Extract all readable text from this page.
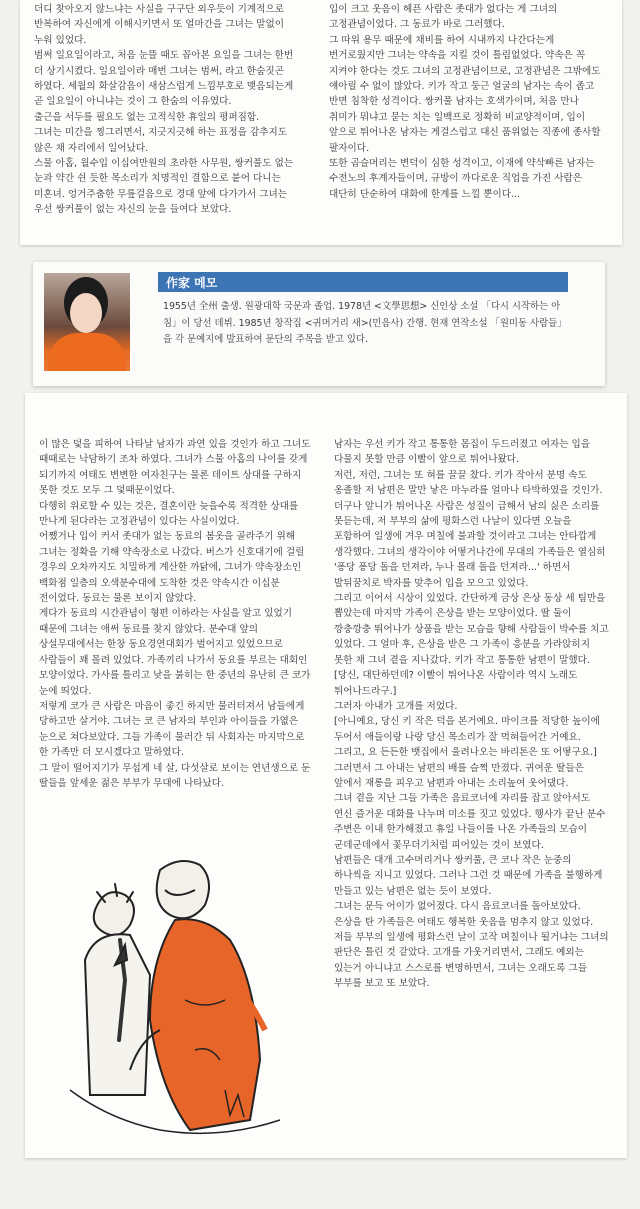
더디 찾아오지 않느냐는 사실을 구구단 외우듯이 기계적으로 반복하여 자신에게 이해시키면서 또 얼마간을 그녀는 말없이 누워 있었다.

범써 일요일이라고, 처음 눈뜰 때도 꼽아본 요일을 그녀는 한번 더 상기시켰다. 일요일이라 매번 그녀는 범써, 라고 한숨짓곤 하였다. 세월의 화살감음이 새삼스럽게 느낌부호로 맺음되는게 곧 일요일이 아니냐는 것이 그 한숨의 이유였다.

출근을 서두를 필요도 없는 고적식한 휴일의 평퍼짐함.

그녀는 미간을 찡그리면서, 지긋지긋해 하는 표정을 감추지도 않은 채 자리에서 일어났다.

스물 아홉, 월수입 이십여만원의 초라한 사무원, 쌍커풀도 없는 눈과 약간 쉰 듯한 목소리가 치명적인 결함으로 붙어 다니는 미혼녀. 엉거주춤한 무릎걸음으로 경대 앞에 다가가서 그녀는 우선 쌍커풀이 없는 자신의 눈을 들여다 보았다.

입이 크고 웃음이 헤픈 사람은 좃대가 없다는 게 그녀의 고정관념이었다. 그 동료가 바로 그러했다.

그 따위 용무 때문에 채비를 하여 시내까지 나간다는게 번거로웠지만 그녀는 약속을 지킬 것이 틀림없었다. 약속은 꼭 지켜야 한다는 것도 그녀의 고정관념이므로, 고정관념은 그밖에도 얘아릴 수 없이 많았다. 키가 작고 둥근 얼굴의 남자는 속이 좁고 반면 침착한 성격이다. 쌍커풀 남자는 호색가이며, 처음 만나 취미가 뭐냐고 묻는 치는 일백프로 정확히 비교양적이며, 입이 앞으로 튀어나온 남자는 게걸스럽고 대신 품위없는 직종에 종사할 팔자이다.

또한 곱슬머리는 변덕이 심한 성격이고, 이재에 약삭빠른 남자는 수전노의 후계자들이며, 규방이 까다로운 직업을 가진 사람은 대단히 단순하여 대화에 한계를 느낄 뿐이다...

作家 메모
1955년 全州 출생. 원광대학 국문과 졸업. 1978년 <文學思想> 신인상 소설 「다시 시작하는 아침」이 당선 데뷔. 1985년 창작집 <귀머거리 새>(민음사) 간행. 현재 연작소설 「원미동 사람들」을 각 문예지에 발표하여 문단의 주목을 받고 있다.

이 많은 덫을 피하여 나타날 남자가 과연 있을 것인가 하고 그녀도 때때로는 낙담하기 조차 하였다. 그녀가 스물 아홉의 나이를 갖게 되기까지 여태도 변변한 여자친구는 물론 데이트 상대를 구하지 못한 것도 모두 그 덫때문이었다.

다행히 위로할 수 있는 것은, 결혼이란 늦을수록 적격한 상대를 만나게 된다라는 고정관념이 있다는 사실이었다.

어쨌거나 입이 커서 좃대가 없는 동료의 봄옷을 골라주기 위해 그녀는 정확을 기해 약속장소로 나갔다. 버스가 신호대기에 걸릴 경우의 오차까지도 치밀하게 계산한 까닭에, 그녀가 약속장소인 백화점 일층의 오색분수대에 도착한 것은 약속시간 이십분 전이었다. 동료는 물론 보이지 않았다.

게다가 동료의 시간관념이 형편 이하라는 사실을 알고 있었기 때문에 그녀는 애써 동료를 찾지 않았다. 분수대 앞의 상설무대에서는 한창 동요경연대회가 벌어지고 있었으므로 사람들이 꽤 몰려 있었다. 가족끼리 나가서 동요를 부르는 대회인 모양이었다. 가사를 틀리고 낮을 붉히는 한 중년의 유난히 큰 코가 눈에 띄었다.

저렇게 코가 큰 사람은 마음이 좋긴 하지만 물러터져서 남들에게 당하고만 살거야. 그녀는 코 큰 남자의 부인과 아이들을 가엾은 눈으로 쳐다보았다. 그들 가족이 물러간 뒤 사회자는 마지막으로 한 가족만 더 모시겠다고 말하였다.

그 말이 떨어지기가 무섭게 네 살, 다섯살로 보이는 연년생으로 둔 딸들을 앞세운 젊은 부부가 무대에 나타났다.

남자는 우선 키가 작고 통통한 몸집이 두드러졌고 여자는 입을 다물지 못할 만큼 이빨이 앞으로 튀어나왔다.

저런, 저런, 그녀는 또 혀를 끌끌 찼다. 키가 작아서 분명 속도 옹졸할 저 남편은 말만 낳은 마누라를 얼마나 타박하였을 것인가. 더구나 앞니가 튀어나온 사람은 성질이 급해서 남의 싫은 소리를 못듣는데, 저 부부의 삶에 평화스런 나날이 있다면 오늘을 포함하여 일생에 겨우 며칠에 불과할 것이라고 그녀는 안타깝게 생각했다. 그녀의 생각이야 어떻거나간에 무대의 가족들은 열심히 '퐁당 퐁당 돌을 던져라, 누나 몰래 돌을 던져라...' 하면서 발뒤꿈치로 박자를 맞추어 입을 모으고 있었다.

그리고 이어서 시상이 있었다. 간단하게 금상 은상 동상 세 팀만을 뽑았는데 마지막 가족이 은상을 받는 모양이었다. 딸 둘이 깡충깡충 뛰어나가 상품을 받는 모습을 향해 사람들이 박수를 치고 있었다. 그 얼마 후, 은상을 받은 그 가족이 흥분을 가라앉히지 못한 채 그녀 곁을 지나갔다. 키가 작고 통통한 남편이 말했다.

[당신, 대단하던데? 이빨이 튀어나온 사람이라 역시 노래도 튀어나드라구.]

그러자 아내가 고개를 저었다.

[아니예요, 당신 키 작은 덕을 본거예요. 마이크를 적당한 높이에 두어서 애들이랑 나랑 당신 목소리가 잘 먹혀들어간 거예요. 그리고, 요 든든한 뱃집에서 울려나오는 바리톤은 또 어떻구요.]

그러면서 그 아내는 남편의 배를 슬쩍 만졌다. 귀여운 딸들은 앞에서 재롱을 피우고 남편과 아내는 소리높여 웃어댔다.

그녀 곁을 지난 그들 가족은 음료코너에 자리를 잡고 앉아서도 연신 즐거운 대화를 나누며 미소를 짓고 있었다. 행사가 끝난 분수 주변은 이내 한가해졌고 휴일 나들이를 나온 가족들의 모습이 군데군데에서 꽃무더기처럼 피어있는 것이 보였다.

남편들은 대개 고수머리거나 쌍커풀, 큰 코나 작은 눈중의 하나씩을 지니고 있었다. 그러나 그런 것 때문에 가족을 불행하게 만들고 있는 남편은 없는 듯이 보였다.

그녀는 문득 어이가 없어졌다. 다시 음료코너를 돌아보았다. 은상을 탄 가족들은 여태도 행복한 웃음을 멈추지 않고 있었다. 저들 부부의 일생에 평화스런 날이 고작 며칠이나 될거냐는 그녀의 판단은 틀린 것 같았다. 고개를 가웃거리면서, 그래도 예외는 있는거 아니냐고 스스로를 변명하면서, 그녀는 오래도록 그들 부부를 보고 또 보았다.
